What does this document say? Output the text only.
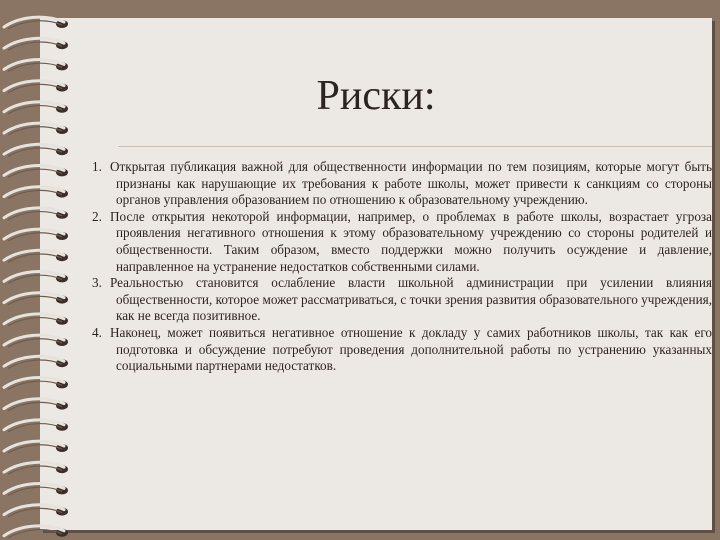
Риски:
1. Открытая публикация важной для общественности информации по тем позициям, которые могут быть признаны как нарушающие их требования к работе школы, может привести к санкциям со стороны органов управления образованием по отношению к образовательному учреждению.
2. После открытия некоторой информации, например, о проблемах в работе школы, возрастает угроза проявления негативного отношения к этому образовательному учреждению со стороны родителей и общественности. Таким образом, вместо поддержки можно получить осуждение и давление, направленное на устранение недостатков собственными силами.
3. Реальностью становится ослабление власти школьной администрации при усилении влияния общественности, которое может рассматриваться, с точки зрения развития образовательного учреждения, как не всегда позитивное.
4. Наконец, может появиться негативное отношение к докладу у самих работников школы, так как его подготовка и обсуждение потребуют проведения дополнительной работы по устранению указанных социальными партнерами недостатков.
